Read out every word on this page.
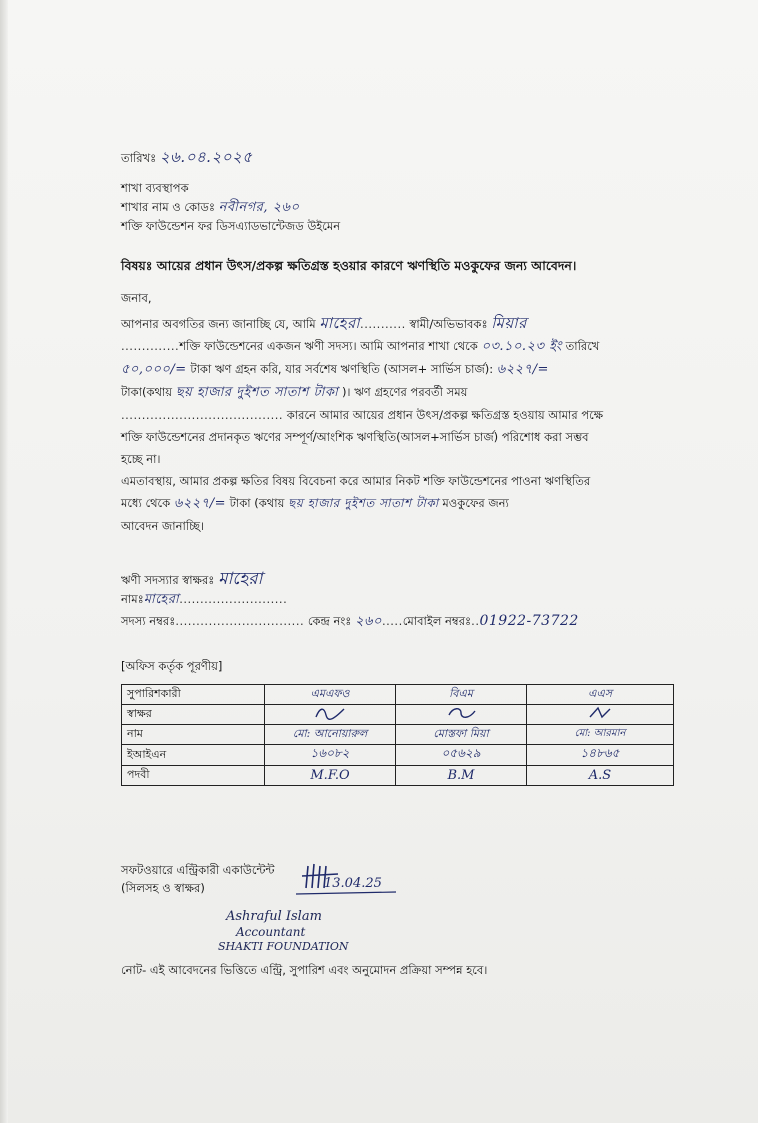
তারিখঃ ২৬.০৪.২০২৫
শাখা ব্যবস্থাপক
শাখার নাম ও কোডঃ নবীনগর, ২৬০
শক্তি ফাউন্ডেশন ফর ডিসএ্যাডভান্টেজড উইমেন
বিষয়ঃ আয়ের প্রধান উৎস/প্রকল্প ক্ষতিগ্রস্ত হওয়ার কারণে ঋণস্থিতি মওকুফের জন্য আবেদন।
জনাব,
আপনার অবগতির জন্য জানাচ্ছি যে, আমি মাহেরা........... স্বামী/অভিভাবকঃ মিয়ার
..............শক্তি ফাউন্ডেশনের একজন ঋণী সদস্য। আমি আপনার শাখা থেকে ০৩.১০.২৩ ইং তারিখে
৫০,০০০/= টাকা ঋণ গ্রহন করি, যার সর্বশেষ ঋণস্থিতি (আসল+ সার্ভিস চার্জ): ৬২২৭/=
টাকা(কথায় ছয় হাজার দুইশত সাতাশ টাকা )। ঋণ গ্রহণের পরবর্তী সময়
....................................... কারনে আমার আয়ের প্রধান উৎস/প্রকল্প ক্ষতিগ্রস্ত হওয়ায় আমার পক্ষে
শক্তি ফাউন্ডেশনের প্রদানকৃত ঋণের সম্পূর্ণ/আংশিক ঋণস্থিতি(আসল+সার্ভিস চার্জ) পরিশোধ করা সম্ভব
হচ্ছে না।
এমতাবস্থায়, আমার প্রকল্প ক্ষতির বিষয় বিবেচনা করে আমার নিকট শক্তি ফাউন্ডেশনের পাওনা ঋণস্থিতির
মধ্যে থেকে ৬২২৭/= টাকা (কথায় ছয় হাজার দুইশত সাতাশ টাকা মওকুফের জন্য
আবেদন জানাচ্ছি।
ঋণী সদস্যার স্বাক্ষরঃ মাহেরা
নামঃমাহেরা..........................
সদস্য নম্বরঃ............................... কেন্দ্র নংঃ ২৬০.....মোবাইল নম্বরঃ..01922-73722
[অফিস কর্তৃক পূরণীয়]
সুপারিশকারী	এমএফও	বিএম	এএস
স্বাক্ষর			
নাম	মো: আনোয়ারুল	মোস্তফা মিয়া	মো: আরমান
ইআইএন	১৬০৮২	০৫৬২৯	১৪৮৬৫
পদবী	M.F.O	B.M	A.S
সফটওয়ারে এন্ট্রিকারী একাউন্টেন্ট
(সিলসহ ও স্বাক্ষর)	13.04.25
Ashraful Islam
Accountant
SHAKTI FOUNDATION
নোট- এই আবেদনের ভিত্তিতে এন্ট্রি, সুপারিশ এবং অনুমোদন প্রক্রিয়া সম্পন্ন হবে।
